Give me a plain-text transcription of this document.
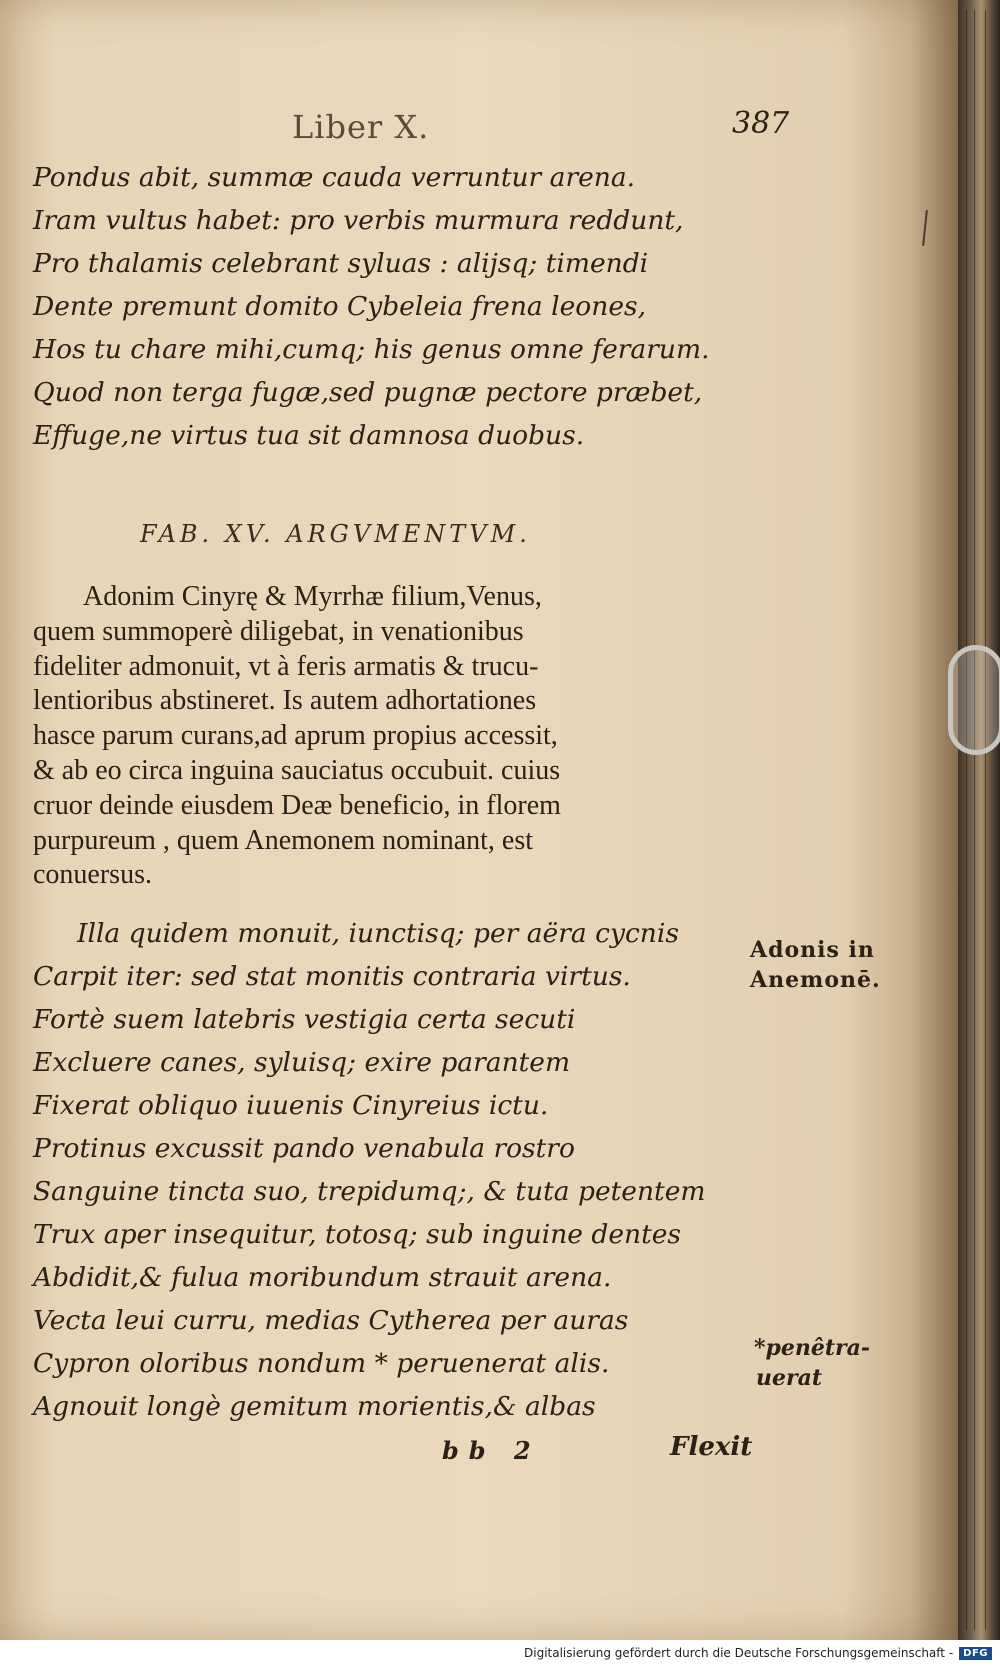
Liber X.	387
Pondus abit, summæ cauda verruntur arena.
Iram vultus habet: pro verbis murmura reddunt,
Pro thalamis celebrant syluas : alijsq; timendi
Dente premunt domito Cybeleia frena leones,
Hos tu chare mihi,cumq; his genus omne ferarum.
Quod non terga fugæ,sed pugnæ pectore præbet,
Effuge,ne virtus tua sit damnosa duobus.
FAB. XV. ARGVMENTVM.
Adonim Cinyrę & Myrrhæ filium,Venus,
quem summoperè diligebat, in venationibus
fideliter admonuit, vt à feris armatis & trucu-
lentioribus abstineret. Is autem adhortationes
hasce parum curans,ad aprum propius accessit,
& ab eo circa inguina sauciatus occubuit. cuius
cruor deinde eiusdem Deæ beneficio, in florem
purpureum , quem Anemonem nominant, est
conuersus.
Illa quidem monuit, iunctisq; per aëra cycnis
Carpit iter: sed stat monitis contraria virtus.
Fortè suem latebris vestigia certa secuti
Excluere canes, syluisq; exire parantem
Fixerat obliquo iuuenis Cinyreius ictu.
Protinus excussit pando venabula rostro
Sanguine tincta suo, trepidumq;, & tuta petentem
Trux aper insequitur, totosq; sub inguine dentes
Abdidit,& fulua moribundum strauit arena.
Vecta leui curru, medias Cytherea per auras
Cypron oloribus nondum * peruenerat alis.
Agnouit longè gemitum morientis,& albas
Adonis in
Anemonē.
*penêtra-
uerat
bb 2	Flexit
Digitalisierung gefördert durch die Deutsche Forschungsgemeinschaft -	DFG
